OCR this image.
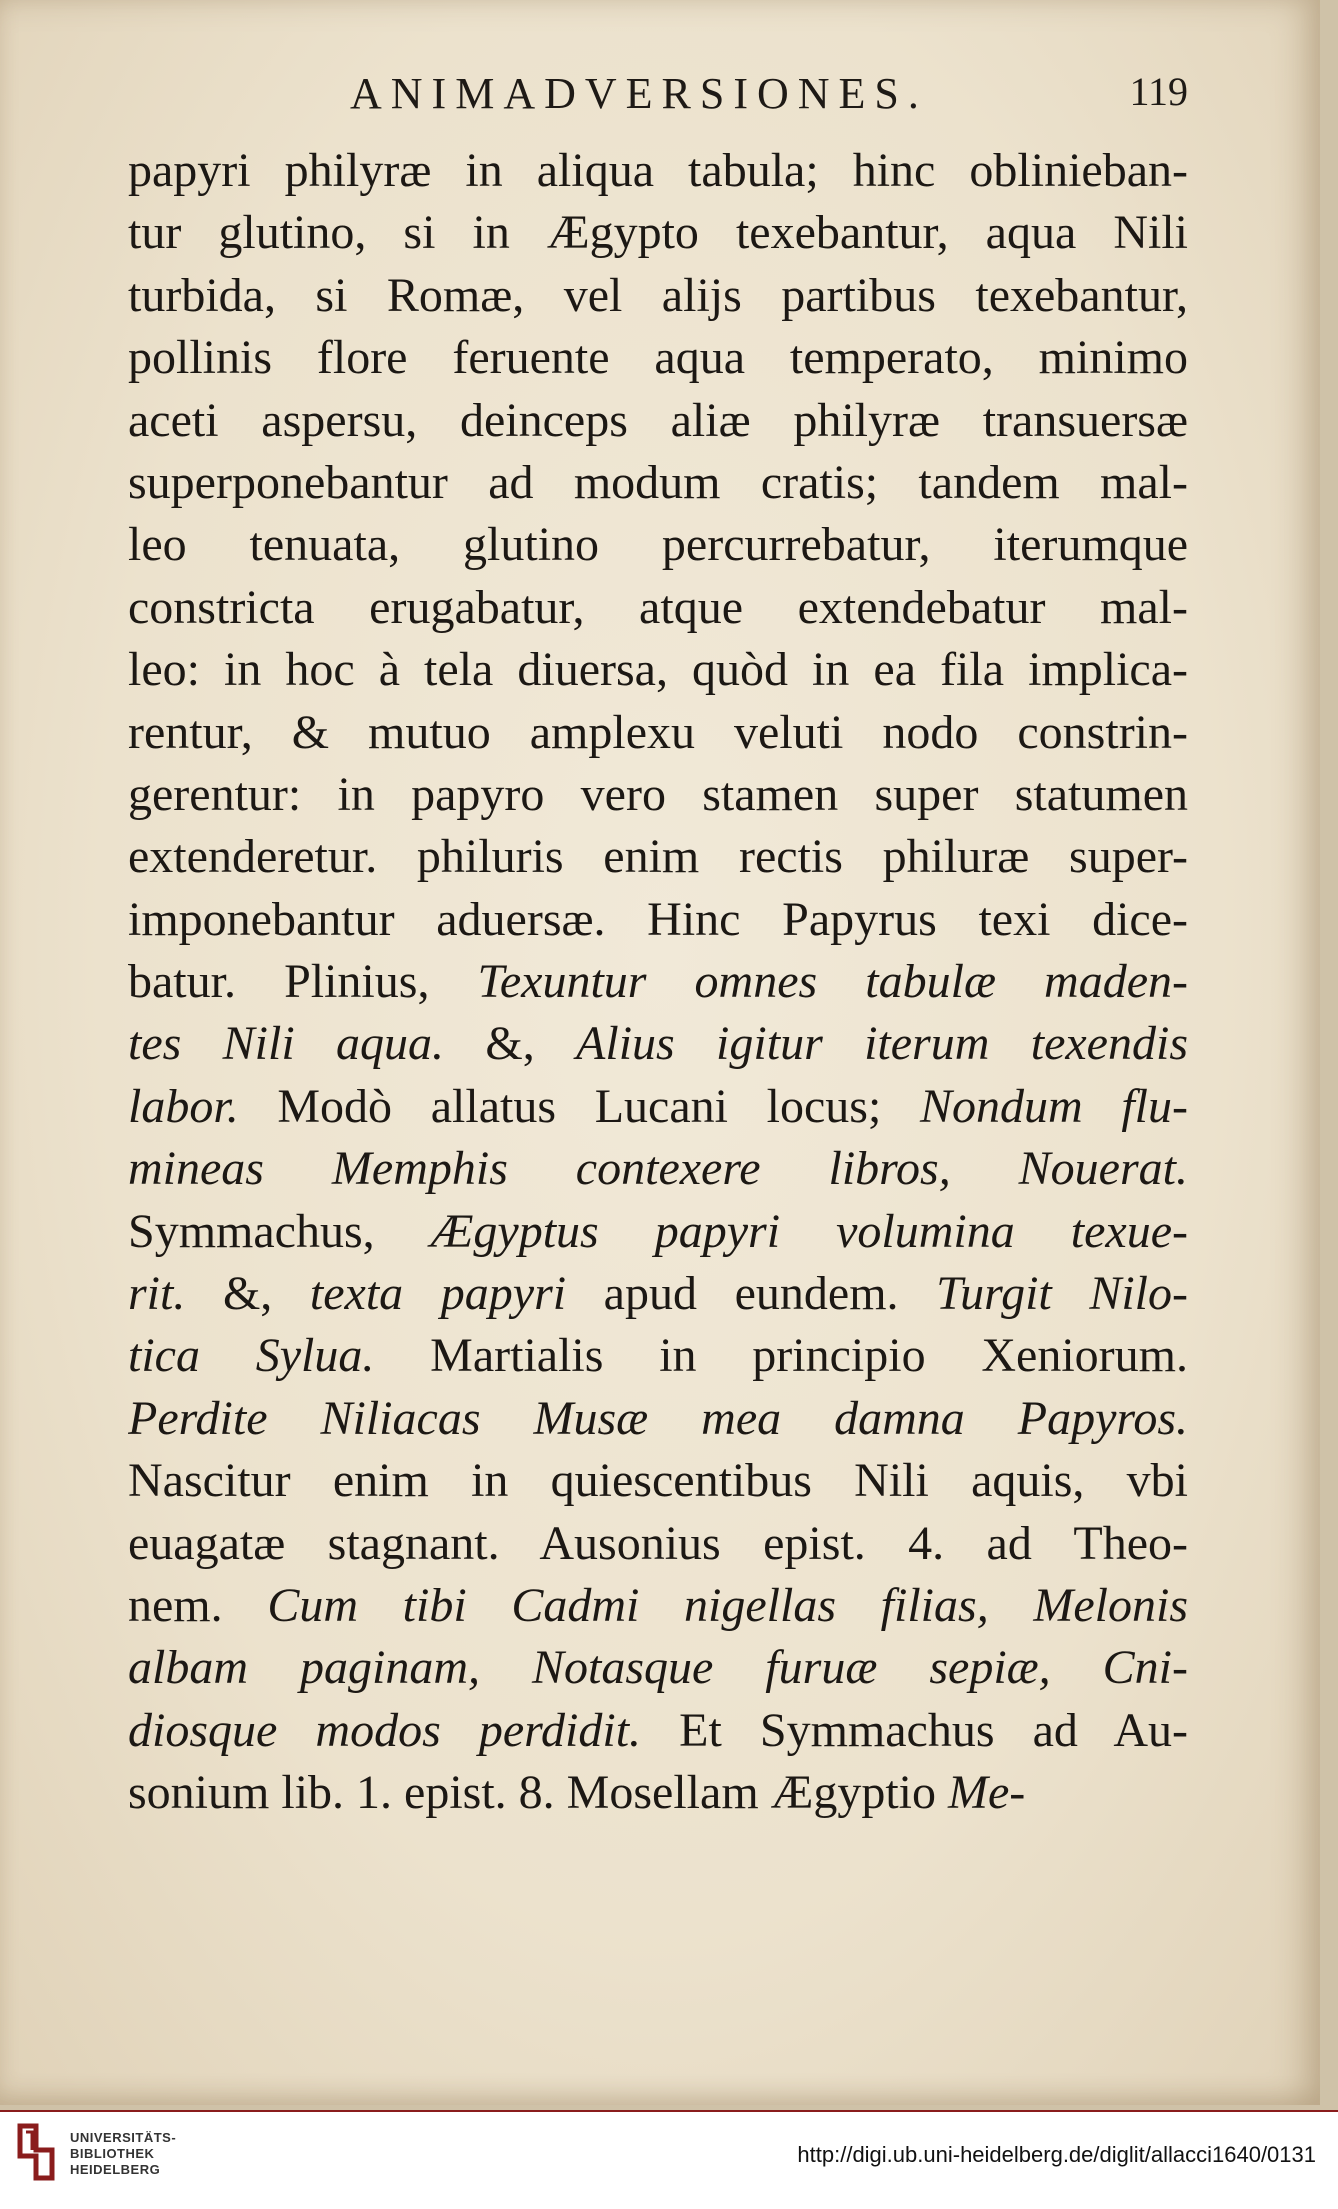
ANIMADVERSIONES.	119
papyri philyræ in aliqua tabula; hinc oblinieban-
tur glutino, si in Ægypto texebantur, aqua Nili
turbida, si Romæ, vel alijs partibus texebantur,
pollinis flore feruente aqua temperato, minimo
aceti aspersu, deinceps aliæ philyræ transuersæ
superponebantur ad modum cratis; tandem mal-
leo tenuata, glutino percurrebatur, iterumque
constricta erugabatur, atque extendebatur mal-
leo: in hoc à tela diuersa, quòd in ea fila implica-
rentur, & mutuo amplexu veluti nodo constrin-
gerentur: in papyro vero stamen super statumen
extenderetur. philuris enim rectis philuræ super-
imponebantur aduersæ. Hinc Papyrus texi dice-
batur. Plinius, Texuntur omnes tabulæ maden-
tes Nili aqua. &, Alius igitur iterum texendis
labor. Modò allatus Lucani locus; Nondum flu-
mineas Memphis contexere libros, Nouerat.
Symmachus, Ægyptus papyri volumina texue-
rit. &, texta papyri apud eundem. Turgit Nilo-
tica Sylua. Martialis in principio Xeniorum.
Perdite Niliacas Musæ mea damna Papyros.
Nascitur enim in quiescentibus Nili aquis, vbi
euagatæ stagnant. Ausonius epist. 4. ad Theo-
nem. Cum tibi Cadmi nigellas filias, Melonis
albam paginam, Notasque furuæ sepiæ, Cni-
diosque modos perdidit. Et Symmachus ad Au-
sonium lib. 1. epist. 8. Mosellam Ægyptio Me-
UNIVERSITÄTS-
BIBLIOTHEK
HEIDELBERG
http://digi.ub.uni-heidelberg.de/diglit/allacci1640/0131
